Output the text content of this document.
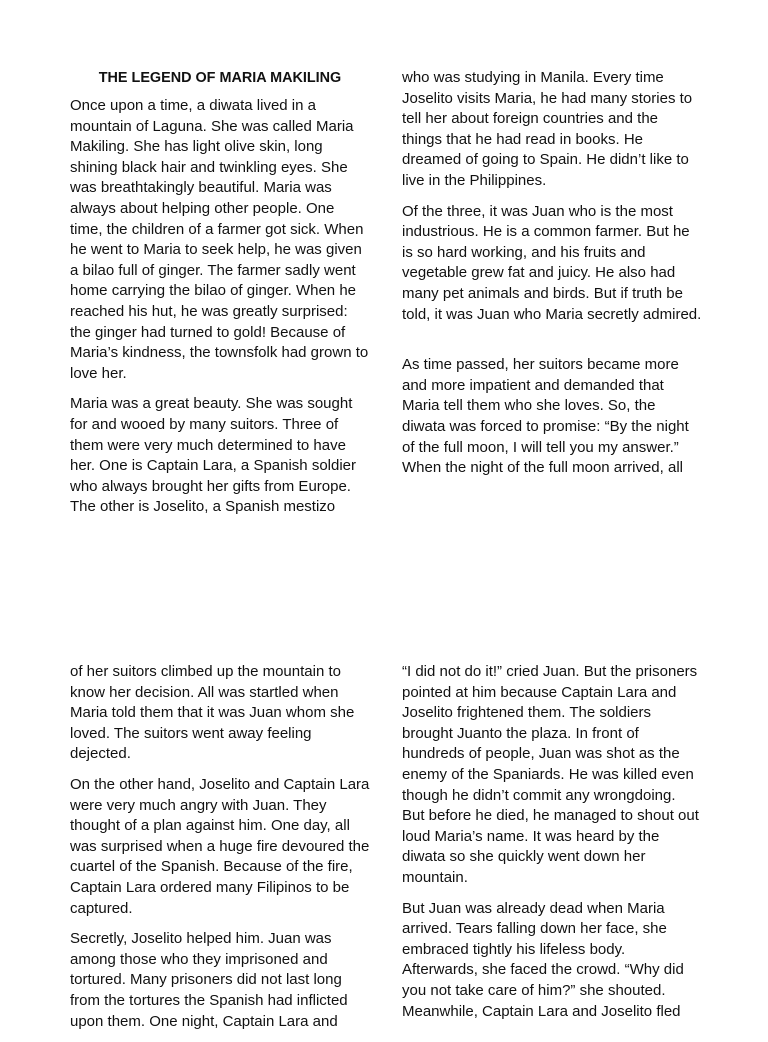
THE LEGEND OF MARIA MAKILING

Once upon a time, a diwata lived in a mountain of Laguna. She was called Maria Makiling. She has light olive skin, long shining black hair and twinkling eyes. She was breathtakingly beautiful. Maria was always about helping other people. One time, the children of a farmer got sick. When he went to Maria to seek help, he was given a bilao full of ginger. The farmer sadly went home carrying the bilao of ginger. When he reached his hut, he was greatly surprised: the ginger had turned to gold! Because of Maria’s kindness, the townsfolk had grown to love her.

Maria was a great beauty. She was sought for and wooed by many suitors. Three of them were very much determined to have her. One is Captain Lara, a Spanish soldier who always brought her gifts from Europe. The other is Joselito, a Spanish mestizo

who was studying in Manila. Every time Joselito visits Maria, he had many stories to tell her about foreign countries and the things that he had read in books. He dreamed of going to Spain. He didn’t like to live in the Philippines.

Of the three, it was Juan who is the most industrious. He is a common farmer. But he is so hard working, and his fruits and vegetable grew fat and juicy. He also had many pet animals and birds. But if truth be told, it was Juan who Maria secretly admired.

As time passed, her suitors became more and more impatient and demanded that Maria tell them who she loves. So, the diwata was forced to promise: “By the night of the full moon, I will tell you my answer.” When the night of the full moon arrived, all

of her suitors climbed up the mountain to know her decision. All was startled when Maria told them that it was Juan whom she loved. The suitors went away feeling dejected.

On the other hand, Joselito and Captain Lara were very much angry with Juan. They thought of a plan against him. One day, all was surprised when a huge fire devoured the cuartel of the Spanish. Because of the fire, Captain Lara ordered many Filipinos to be captured.

Secretly, Joselito helped him. Juan was among those who they imprisoned and tortured. Many prisoners did not last long from the tortures the Spanish had inflicted upon them. One night, Captain Lara and

“I did not do it!” cried Juan. But the prisoners pointed at him because Captain Lara and Joselito frightened them. The soldiers brought Juanto the plaza. In front of hundreds of people, Juan was shot as the enemy of the Spaniards. He was killed even though he didn’t commit any wrongdoing. But before he died, he managed to shout out loud Maria’s name. It was heard by the diwata so she quickly went down her mountain.

But Juan was already dead when Maria arrived. Tears falling down her face, she embraced tightly his lifeless body. Afterwards, she faced the crowd. “Why did you not take care of him?” she shouted. Meanwhile, Captain Lara and Joselito fled
